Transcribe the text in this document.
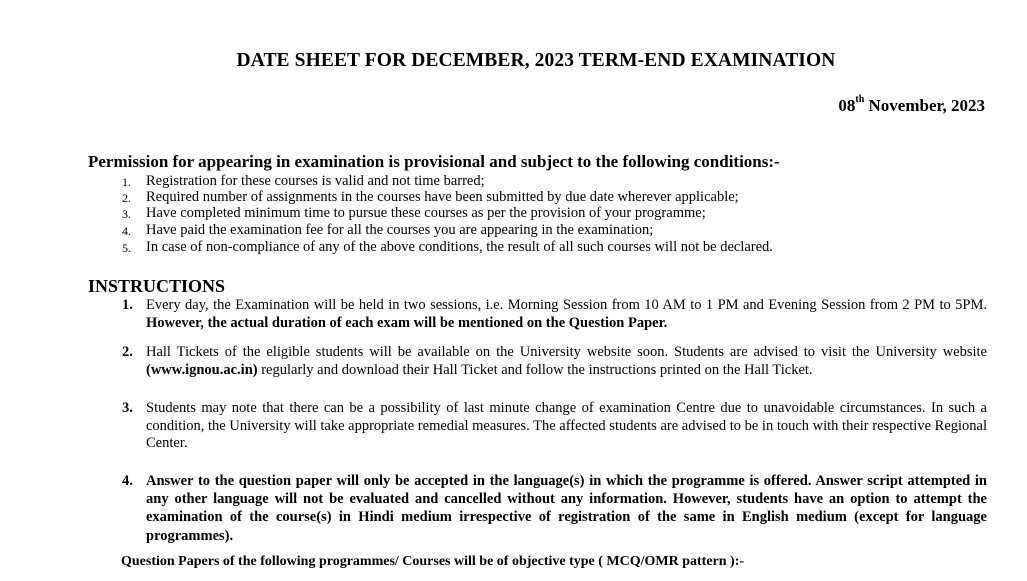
DATE SHEET FOR DECEMBER, 2023 TERM-END EXAMINATION
08th November, 2023
Permission for appearing in examination is provisional and subject to the following conditions:-
1. Registration for these courses is valid and not time barred;
2. Required number of assignments in the courses have been submitted by due date wherever applicable;
3. Have completed minimum time to pursue these courses as per the provision of your programme;
4. Have paid the examination fee for all the courses you are appearing in the examination;
5. In case of non-compliance of any of the above conditions, the result of all such courses will not be declared.
INSTRUCTIONS
1. Every day, the Examination will be held in two sessions, i.e. Morning Session from 10 AM to 1 PM and Evening Session from 2 PM to 5PM. However, the actual duration of each exam will be mentioned on the Question Paper.
2. Hall Tickets of the eligible students will be available on the University website soon. Students are advised to visit the University website (www.ignou.ac.in) regularly and download their Hall Ticket and follow the instructions printed on the Hall Ticket.
3. Students may note that there can be a possibility of last minute change of examination Centre due to unavoidable circumstances. In such a condition, the University will take appropriate remedial measures. The affected students are advised to be in touch with their respective Regional Center.
4. Answer to the question paper will only be accepted in the language(s) in which the programme is offered. Answer script attempted in any other language will not be evaluated and cancelled without any information. However, students have an option to attempt the examination of the course(s) in Hindi medium irrespective of registration of the same in English medium (except for language programmes).
Question Papers of the following programmes/ Courses will be of objective type ( MCQ/OMR pattern ):-
